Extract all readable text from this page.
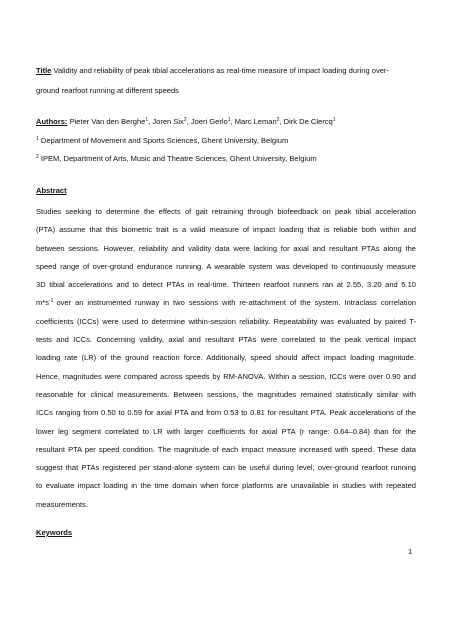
Title Validity and reliability of peak tibial accelerations as real-time measure of impact loading during over-
ground rearfoot running at different speeds
Authors: Pieter Van den Berghe$^1$, Joren Six$^2$, Joeri Gerlo$^1$, Marc Leman$^2$, Dirk De Clercq$^1$
$^1$ Department of Movement and Sports Sciences, Ghent University, Belgium
$^2$ IPEM, Department of Arts, Music and Theatre Sciences, Ghent University, Belgium
Abstract
Studies seeking to determine the effects of gait retraining through biofeedback on peak tibial acceleration
(PTA) assume that this biometric trait is a valid measure of impact loading that is reliable both within and
between sessions. However, reliability and validity data were lacking for axial and resultant PTAs along the
speed range of over-ground endurance running. A wearable system was developed to continuously measure
3D tibial accelerations and to detect PTAs in real-time. Thirteen rearfoot runners ran at 2.55, 3.20 and 5.10
$m*s^{-1}$ over an instrumented runway in two sessions with re-attachment of the system. Intraclass correlation
coefficients (ICCs) were used to determine within-session reliability. Repeatability was evaluated by paired T-
tests and ICCs. Concerning validity, axial and resultant PTAs were correlated to the peak vertical impact
loading rate (LR) of the ground reaction force. Additionally, speed should affect impact loading magnitude.
Hence, magnitudes were compared across speeds by RM-ANOVA. Within a session, ICCs were over 0.90 and
reasonable for clinical measurements. Between sessions, the magnitudes remained statistically similar with
ICCs ranging from 0.50 to 0.59 for axial PTA and from 0.53 to 0.81 for resultant PTA. Peak accelerations of the
lower leg segment correlated to LR with larger coefficients for axial PTA (r range: 0.64–0.84) than for the
resultant PTA per speed condition. The magnitude of each impact measure increased with speed. These data
suggest that PTAs registered per stand-alone system can be useful during level, over-ground rearfoot running
to evaluate impact loading in the time domain when force platforms are unavailable in studies with repeated
measurements.
Keywords
1
